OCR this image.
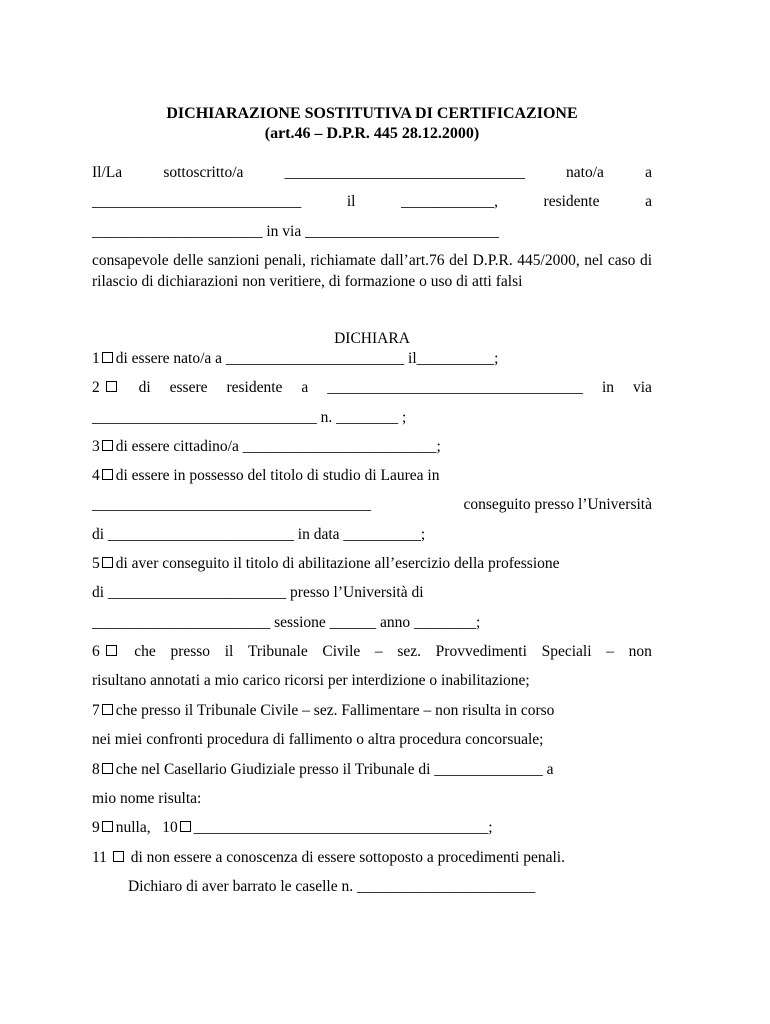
DICHIARAZIONE SOSTITUTIVA DI CERTIFICAZIONE
(art.46 – D.P.R. 445 28.12.2000)
Il/La	sottoscritto/a	_______________________________	nato/a	a
___________________________	il	____________,	residente	a
______________________ in via _________________________
consapevole delle sanzioni penali, richiamate dall’art.76 del D.P.R. 445/2000, nel caso di rilascio di dichiarazioni non veritiere, di formazione o uso di atti falsi
DICHIARA
1 di essere nato/a a _______________________ il__________;
2	di essere residente a _________________________________ in via
_____________________________ n. ________ ;
3 di essere cittadino/a _________________________;
4 di essere in possesso del titolo di studio di Laurea in
____________________________________	conseguito presso l’Università
di ________________________ in data __________;
5 di aver conseguito il titolo di abilitazione all’esercizio della professione
di _______________________ presso l’Università di
_______________________ sessione ______ anno ________;
6	che presso il Tribunale Civile – sez. Provvedimenti Speciali – non
risultano annotati a mio carico ricorsi per interdizione o inabilitazione;
7 che presso il Tribunale Civile – sez. Fallimentare – non risulta in corso
nei miei confronti procedura di fallimento o altra procedura concorsuale;
8 che nel Casellario Giudiziale presso il Tribunale di ______________ a
mio nome risulta:
9 nulla, 10 ______________________________________;
11 di non essere a conoscenza di essere sottoposto a procedimenti penali.
Dichiaro di aver barrato le caselle n. _______________________
